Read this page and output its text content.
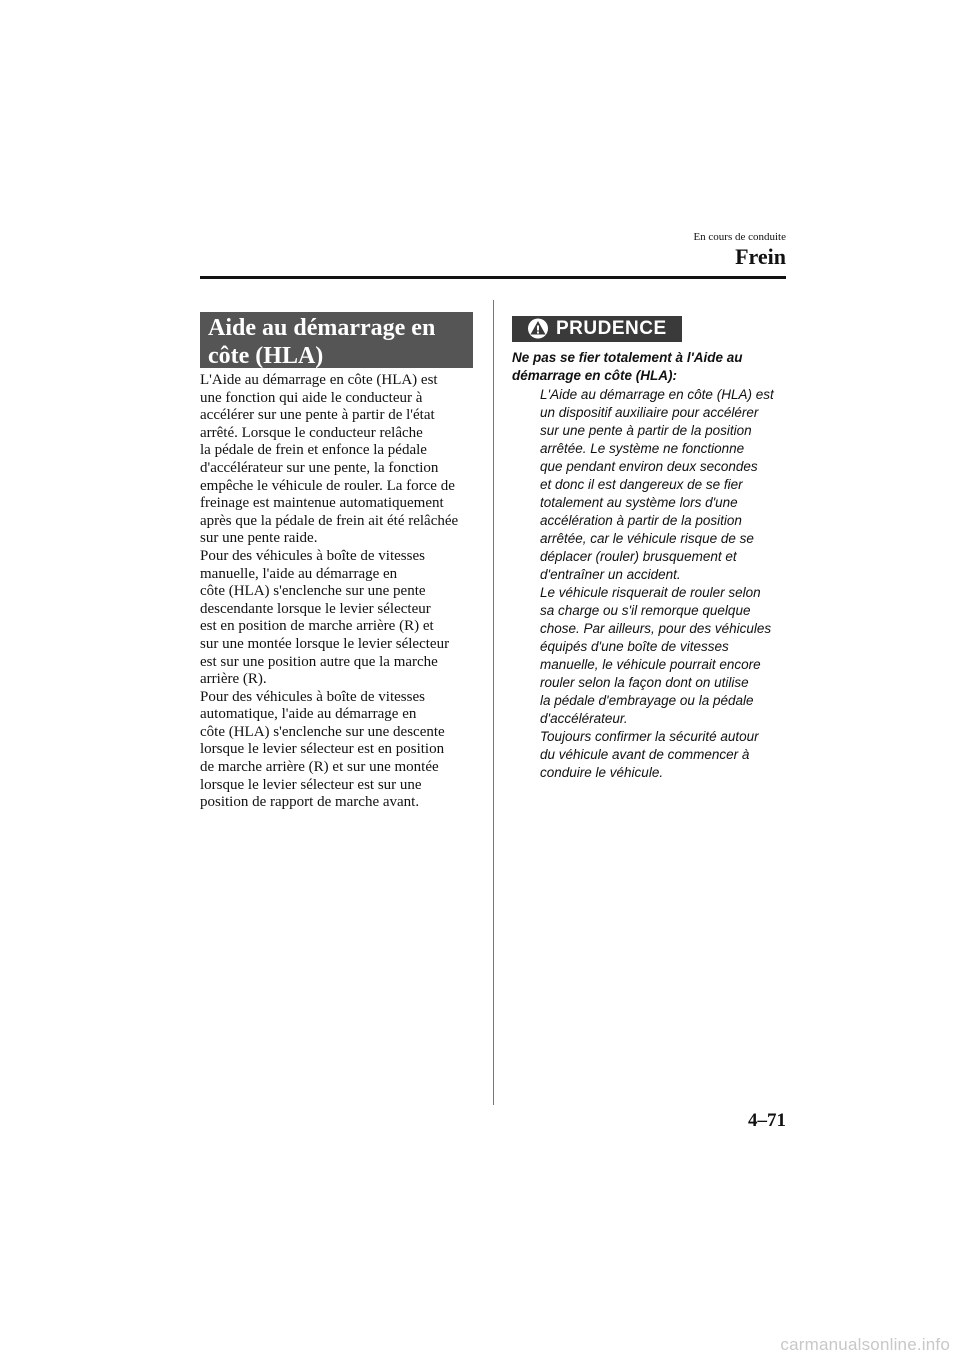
En cours de conduite
Frein
Aide au démarrage en
côte (HLA)
L'Aide au démarrage en côte (HLA) est
une fonction qui aide le conducteur à
accélérer sur une pente à partir de l'état
arrêté. Lorsque le conducteur relâche
la pédale de frein et enfonce la pédale
d'accélérateur sur une pente, la fonction
empêche le véhicule de rouler. La force de
freinage est maintenue automatiquement
après que la pédale de frein ait été relâchée
sur une pente raide.
Pour des véhicules à boîte de vitesses
manuelle, l'aide au démarrage en
côte (HLA) s'enclenche sur une pente
descendante lorsque le levier sélecteur
est en position de marche arrière (R) et
sur une montée lorsque le levier sélecteur
est sur une position autre que la marche
arrière (R).
Pour des véhicules à boîte de vitesses
automatique, l'aide au démarrage en
côte (HLA) s'enclenche sur une descente
lorsque le levier sélecteur est en position
de marche arrière (R) et sur une montée
lorsque le levier sélecteur est sur une
position de rapport de marche avant.
PRUDENCE
Ne pas se fier totalement à l'Aide au
démarrage en côte (HLA):
L'Aide au démarrage en côte (HLA) est
un dispositif auxiliaire pour accélérer
sur une pente à partir de la position
arrêtée. Le système ne fonctionne
que pendant environ deux secondes
et donc il est dangereux de se fier
totalement au système lors d'une
accélération à partir de la position
arrêtée, car le véhicule risque de se
déplacer (rouler) brusquement et
d'entraîner un accident.
Le véhicule risquerait de rouler selon
sa charge ou s'il remorque quelque
chose. Par ailleurs, pour des véhicules
équipés d'une boîte de vitesses
manuelle, le véhicule pourrait encore
rouler selon la façon dont on utilise
la pédale d'embrayage ou la pédale
d'accélérateur.
Toujours confirmer la sécurité autour
du véhicule avant de commencer à
conduire le véhicule.
4–71
carmanualsonline.info
